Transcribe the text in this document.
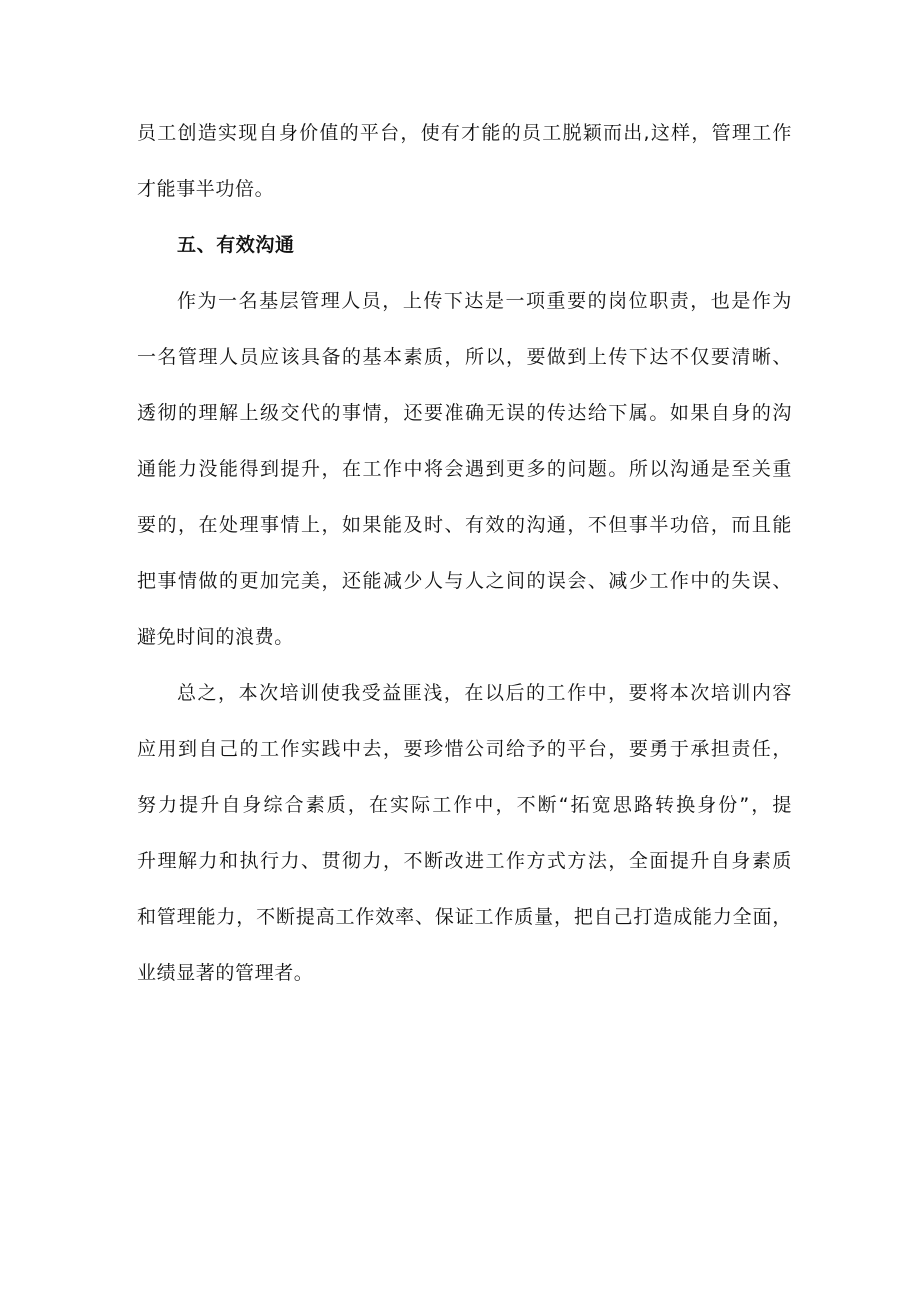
员工创造实现自身价值的平台，使有才能的员工脱颖而出,这样，管理工作
才能事半功倍。
五、有效沟通
作为一名基层管理人员，上传下达是一项重要的岗位职责，也是作为
一名管理人员应该具备的基本素质，所以，要做到上传下达不仅要清晰、
透彻的理解上级交代的事情，还要准确无误的传达给下属。如果自身的沟
通能力没能得到提升，在工作中将会遇到更多的问题。所以沟通是至关重
要的，在处理事情上，如果能及时、有效的沟通，不但事半功倍，而且能
把事情做的更加完美，还能减少人与人之间的误会、减少工作中的失误、
避免时间的浪费。
总之，本次培训使我受益匪浅，在以后的工作中，要将本次培训内容
应用到自己的工作实践中去，要珍惜公司给予的平台，要勇于承担责任，
努力提升自身综合素质，在实际工作中，不断“拓宽思路转换身份”，提
升理解力和执行力、贯彻力，不断改进工作方式方法，全面提升自身素质
和管理能力，不断提高工作效率、保证工作质量，把自己打造成能力全面，
业绩显著的管理者。
